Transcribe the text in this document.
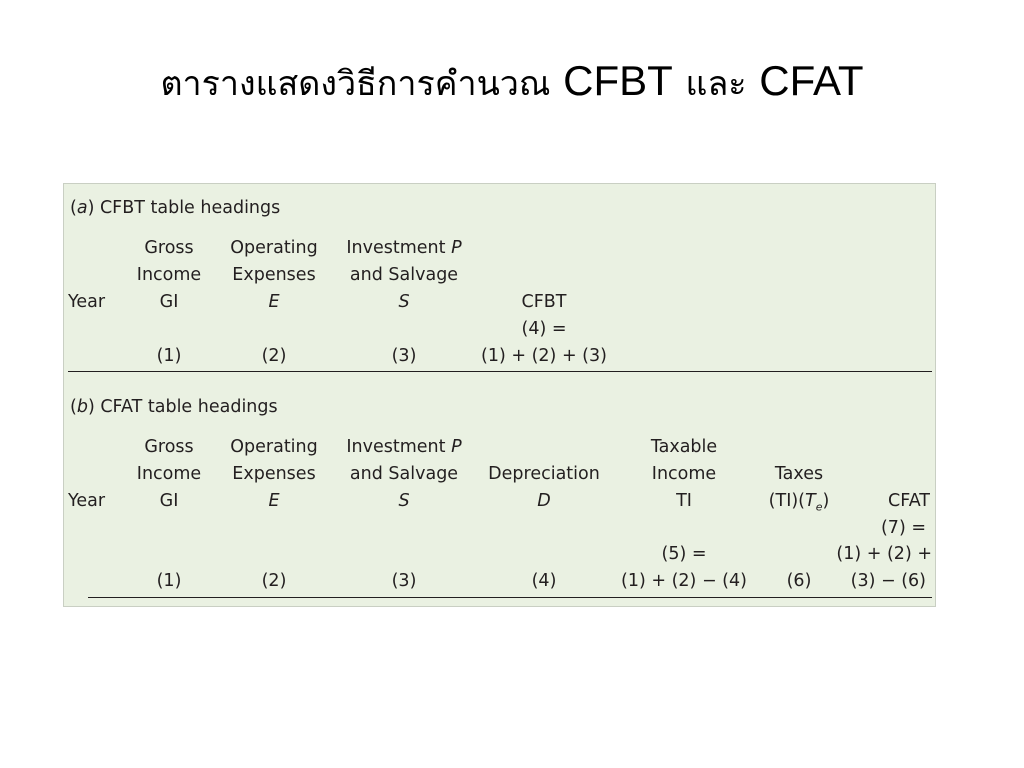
ตารางแสดงวิธีการคำนวณ CFBT และ CFAT
(a) CFBT table headings
Year
Gross
Income
GI
(1)
Operating
Expenses
E
(2)
Investment P
and Salvage
S
(3)
CFBT
(4) =
(1) + (2) + (3)
(b) CFAT table headings
Year
Gross
Income
GI
(1)
Operating
Expenses
E
(2)
Investment P
and Salvage
S
(3)
Depreciation
D
(4)
Taxable
Income
TI
(5) =
(1) + (2) − (4)
Taxes
$(TI)(T_e)$
(6)
CFAT
(7) =
(1) + (2) +
(3) − (6)
